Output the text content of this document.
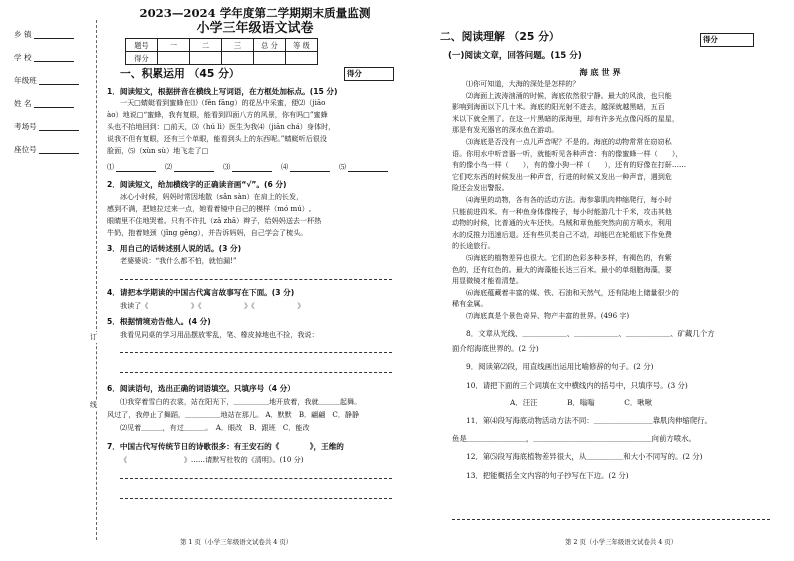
乡 镇
学 校
年级班
姓 名
考场号
座位号
订
线
2023—2024 学年度第二学期期末质量监测
小学三年级语文试卷
题号	一	二	三	总 分	等 级
得分					
一、积累运用 （45 分）	得分
1．阅读短文，根据拼音在横线上写词语，在方框处加标点。(15 分)
一天□蜻蜓看到蜜蜂在⑴（fěn fāng）的花丛中采蜜，便⑵（jiāo
ào）地说□“蜜蜂，我有复眼，能看到四面八方的风景，你有吗□”蜜蜂
头也不抬地回到：□前天，⑶（hú lì）医生为我⑷（jiān chá）身体时，
说我不但有复眼，还有三个单眼，能看到头上的东西呢。”蜻蜓听后很没
脸面，⑸（xùn sù）地飞走了□
⑴	⑵	⑶	⑷	⑸
2．阅读短文，给加横线字的正确读音画“√”。(6 分)
冰心小时候，妈妈时常因地散（sǎn sàn）在肩上的长发，
感到不满，把她拉过来一点，她看着镜中自己的模样（mó mú）,
眼睛里不住地哭着。只有不许扎（zā zhā）辫子，给妈妈送去一杯热
牛奶，抱着她颈（jǐng gěng），并告诉妈妈，自己学会了梳头。
3．用自己的话转述别人说的话。(3 分)
老婆婆说：“我什么都不怕，就怕漏!”
4．请把本学期读的中国古代寓言故事写在下面。(3 分)
我读了《　　　　　　》《　　　　　　》《　　　　　　》
5．根据情境劝告他人。(4 分)
我看见同桌的学习用品摆放零乱，笔、橡皮掉地也不捡，我说：
6．阅读语句，选出正确的词语填空。只填序号（4 分）
⑴我穿着雪白的衣裳，站在阳光下，＿＿＿＿＿地开放着，我就＿＿＿起舞。
风过了，我停止了舞蹈，＿＿＿＿＿地站在那儿。 A．默默　B．翩翩　C．静静
⑵见着＿＿＿，有过＿＿＿。　A．眼改　B．跟班　C．能改
7．中国古代写传统节日的诗歌很多：有王安石的《　　　　》，王维的
《　　　　　　　　》……请默写杜牧的《清明》。(10 分)
第 1 页（小学三年级语文试卷共 4 页）
二、阅读理解 （25 分）	得分
(一)阅读文章，回答问题。(15 分)
海 底 世 界
⑴你可知道，大海的深处是怎样的？
⑵海面上波涛汹涌的时候，海底依然很宁静。最大的风浪，也只能
影响到海面以下几十米。海底的阳光射不进去，越深就越黑暗，五百
米以下就全黑了。在这一片黑暗的深海里，却有许多光点像闪烁的星星，
那是有发光器官的深水鱼在游动。
⑶海底是否没有一点儿声音呢？不是的。海底的动物常常在窃窃私
语。你用水中听音器一听，就能听见各种声音：有的像蜜蜂一样（　　），
有的像小鸟一样（　　），有的像小狗一样（　　），还有的好像在打鼾……
它们吃东西的时候发出一种声音，行进的时候又发出一种声音，遇到危
险还会发出警报。
⑷海里的动物，各有各的活动方法。海参靠肌肉伸缩爬行，每小时
只能前进四米。有一种鱼身体像梭子，每小时能游几十千米，攻击其他
动物的时候，比普通的火车还快。乌贼和章鱼能突然向前方喷水，利用
水的反推力迅速后退。还有些贝类自己不动，却能巴在轮船底下作免费
的长途旅行。
⑸海底的植物差异也很大。它们的色彩多种多样，有褐色的，有紫
色的，还有红色的。最大的海藻能长达三百米。最小的单细胞海藻，要
用显微镜才能看清楚。
⑹海底蕴藏着丰富的煤、铁、石油和天然气，还有陆地上储量很少的
稀有金属。
⑺海底真是个景色奇异、物产丰富的世界。(496 字)
8．文章从光线、＿＿＿＿＿＿、＿＿＿＿＿＿、＿＿＿＿＿＿、矿藏几个方
面介绍海底世界的。(2 分)
9．阅读第⑵段，用直线画出运用比喻修辞的句子。(2 分)
10．请把下面的三个词填在文中横线内的括号中，只填序号。(3 分)
A．汪汪　　　　B．嗡嗡　　　　C．啾啾
11．第⑷段写海底动物活动方法不同：＿＿＿＿＿＿＿＿靠肌肉伸缩爬行。
鱼是＿＿＿＿＿＿＿＿，＿＿＿＿＿＿＿＿＿＿＿＿＿＿＿＿向前方喷水。
12．第⑸段写海底植物差异很大，从＿＿＿＿＿和大小不同写的。(2 分)
13．把能概括全文内容的句子抄写在下边。(2 分)
第 2 页（小学三年级语文试卷共 4 页）
